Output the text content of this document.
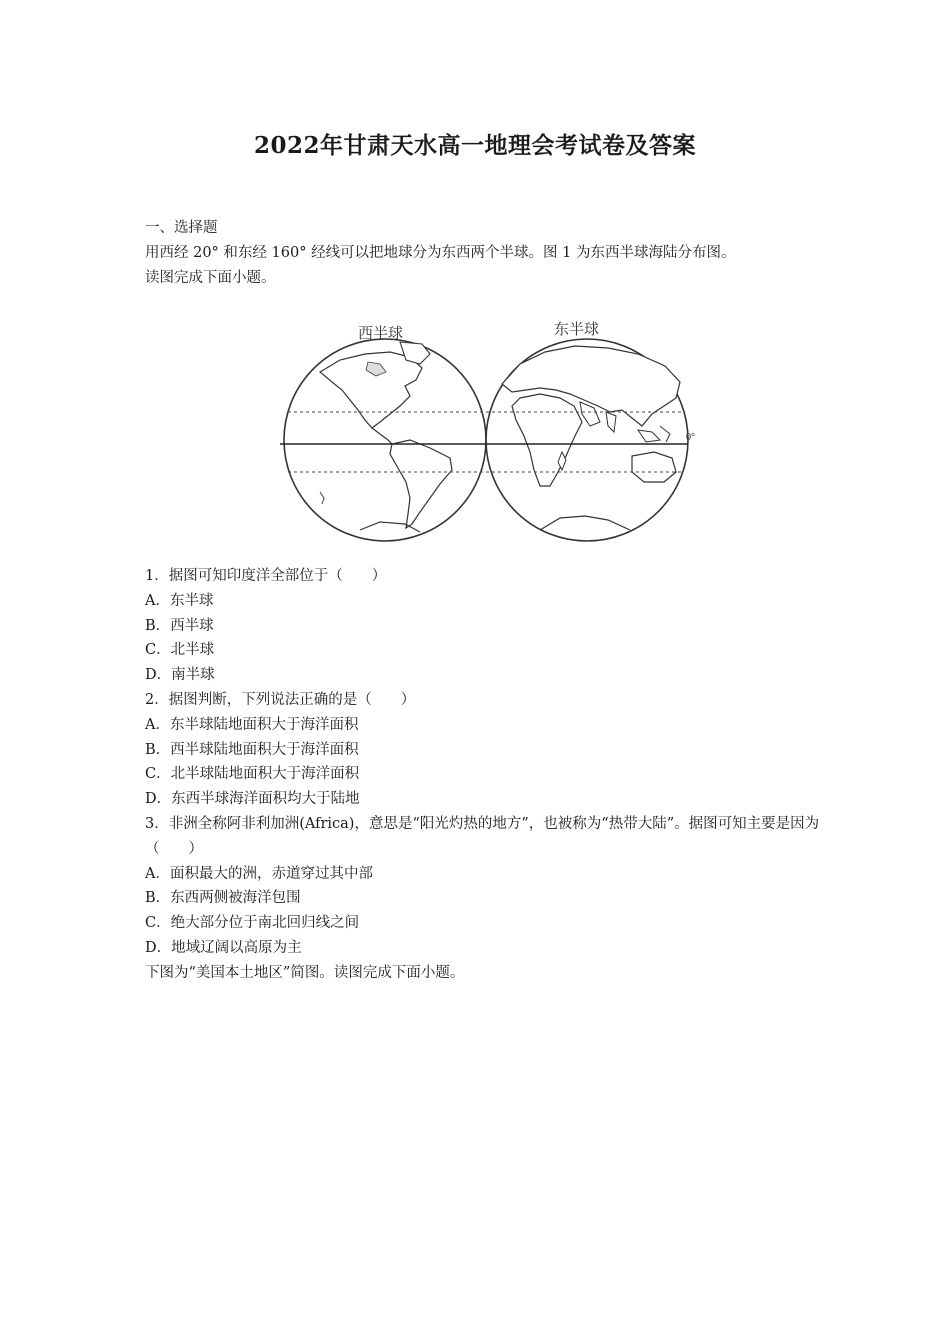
2022年甘肃天水高一地理会考试卷及答案
一、选择题
用西经 20° 和东经 160° 经线可以把地球分为东西两个半球。图 1 为东西半球海陆分布图。
读图完成下面小题。
西半球	东半球
0°
1．据图可知印度洋全部位于（　　）
A．东半球
B．西半球
C．北半球
D．南半球
2．据图判断，下列说法正确的是（　　）
A．东半球陆地面积大于海洋面积
B．西半球陆地面积大于海洋面积
C．北半球陆地面积大于海洋面积
D．东西半球海洋面积均大于陆地
3．非洲全称阿非利加洲(Africa)，意思是“阳光灼热的地方”，也被称为“热带大陆”。据图可知主要是因为（　　）
A．面积最大的洲，赤道穿过其中部
B．东西两侧被海洋包围
C．绝大部分位于南北回归线之间
D．地域辽阔以高原为主
下图为“美国本土地区”简图。读图完成下面小题。
